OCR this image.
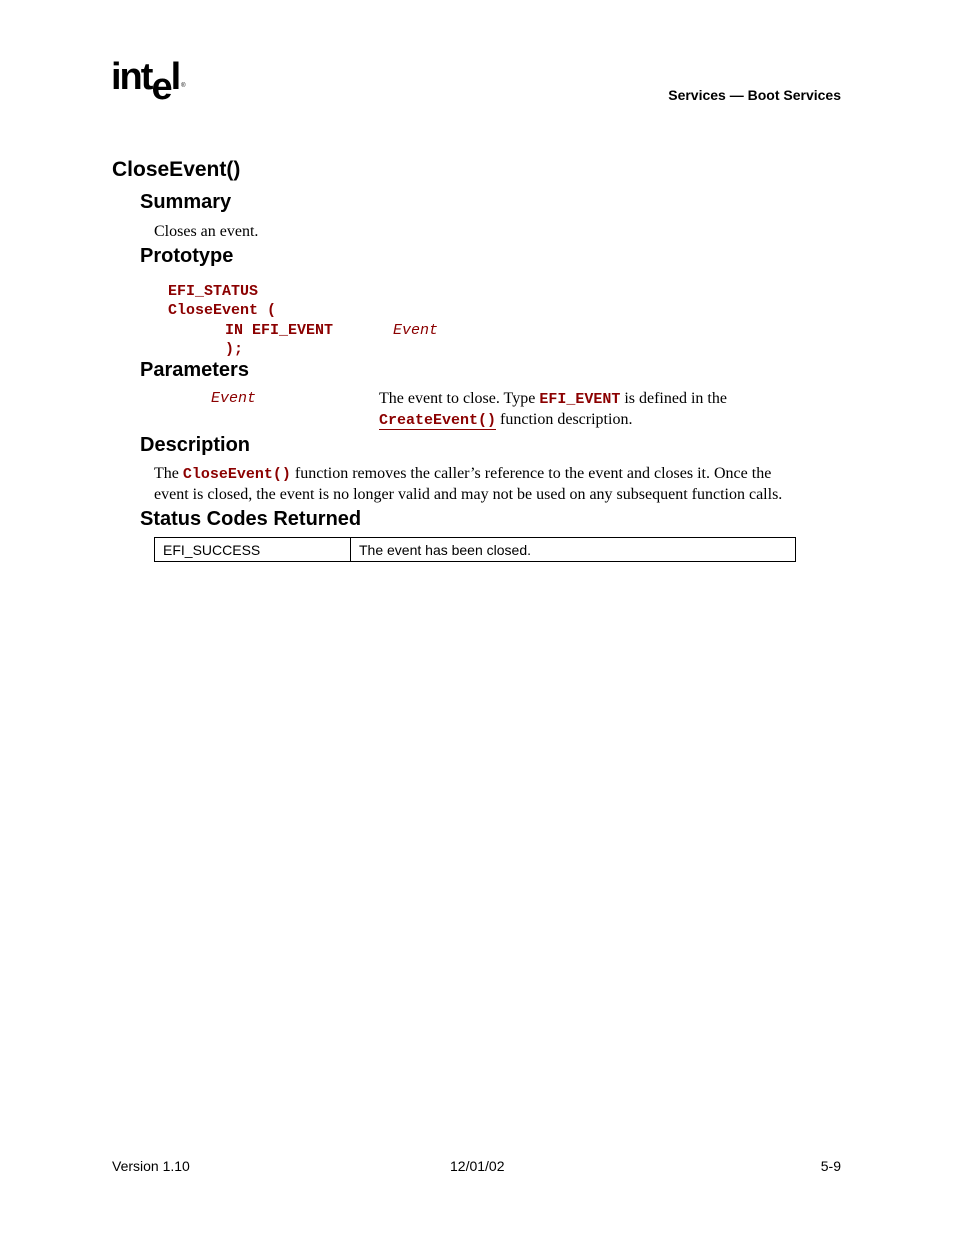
intel ®
Services — Boot Services
CloseEvent()
Summary
Closes an event.
Prototype
EFI_STATUS
CloseEvent (
IN EFI_EVENT	Event
);
Parameters
Event	The event to close. Type EFI_EVENT is defined in the
CreateEvent() function description.
Description
The CloseEvent() function removes the caller’s reference to the event and closes it. Once the
event is closed, the event is no longer valid and may not be used on any subsequent function calls.
Status Codes Returned
EFI_SUCCESS	The event has been closed.
Version 1.10	12/01/02	5-9
